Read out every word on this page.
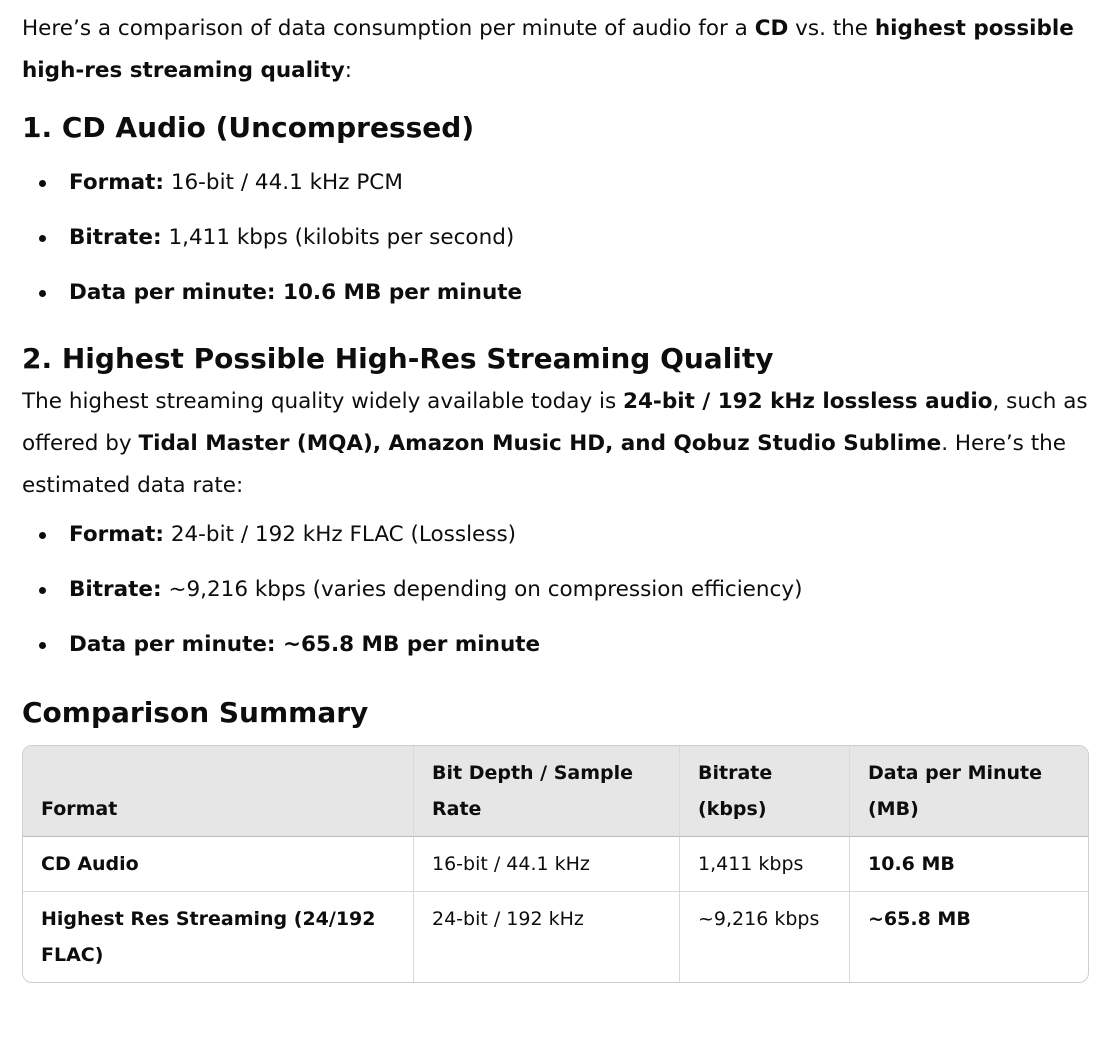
Here’s a comparison of data consumption per minute of audio for a CD vs. the highest possible high-res streaming quality:

1. CD Audio (Uncompressed)
Format: 16-bit / 44.1 kHz PCM
Bitrate: 1,411 kbps (kilobits per second)
Data per minute: 10.6 MB per minute
2. Highest Possible High-Res Streaming Quality

The highest streaming quality widely available today is 24-bit / 192 kHz lossless audio, such as offered by Tidal Master (MQA), Amazon Music HD, and Qobuz Studio Sublime. Here’s the estimated data rate:

Format: 24-bit / 192 kHz FLAC (Lossless)
Bitrate: ~9,216 kbps (varies depending on compression efficiency)
Data per minute: ~65.8 MB per minute
Comparison Summary
Format	Bit Depth / Sample Rate	Bitrate (kbps)	Data per Minute (MB)
CD Audio	16-bit / 44.1 kHz	1,411 kbps	10.6 MB
Highest Res Streaming (24/192 FLAC)	24-bit / 192 kHz	~9,216 kbps	~65.8 MB
